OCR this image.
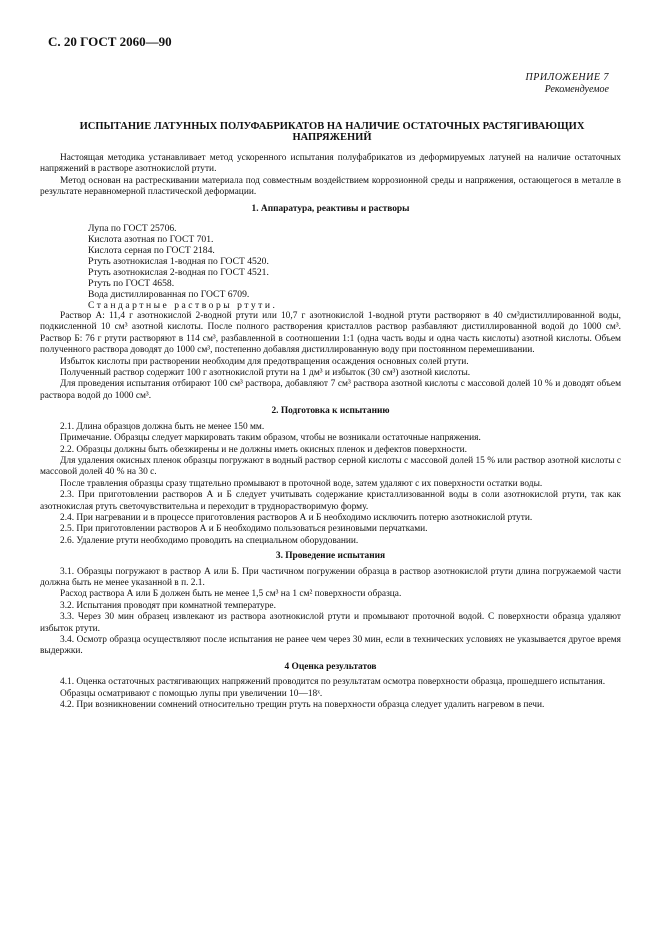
С. 20 ГОСТ 2060—90
ПРИЛОЖЕНИЕ 7
Рекомендуемое
ИСПЫТАНИЕ ЛАТУННЫХ ПОЛУФАБРИКАТОВ НА НАЛИЧИЕ ОСТАТОЧНЫХ РАСТЯГИВАЮЩИХ НАПРЯЖЕНИЙ

Настоящая методика устанавливает метод ускоренного испытания полуфабрикатов из деформируемых латуней на наличие остаточных напряжений в растворе азотнокислой ртути.

Метод основан на растрескивании материала под совместным воздействием коррозионной среды и напряжения, остающегося в металле в результате неравномерной пластической деформации.

1. Аппаратура, реактивы и растворы
Лупа по ГОСТ 25706.
Кислота азотная по ГОСТ 701.
Кислота серная по ГОСТ 2184.
Ртуть азотнокислая 1-водная по ГОСТ 4520.
Ртуть азотнокислая 2-водная по ГОСТ 4521.
Ртуть по ГОСТ 4658.
Вода дистиллированная по ГОСТ 6709.
Стандартные растворы ртути.

Раствор А: 11,4 г азотнокислой 2-водной ртути или 10,7 г азотнокислой 1-водной ртути растворяют в 40 см³дистиллированной воды, подкисленной 10 см³ азотной кислоты. После полного растворения кристаллов раствор разбавляют дистиллированной водой до 1000 см³. Раствор Б: 76 г ртути растворяют в 114 см³, разбавленной в соотношении 1:1 (одна часть воды и одна часть кислоты) азотной кислоты. Объем полученного раствора доводят до 1000 см³, постепенно добавляя дистиллированную воду при постоянном перемешивании.

Избыток кислоты при растворении необходим для предотвращения осаждения основных солей ртути.

Полученный раствор содержит 100 г азотнокислой ртути на 1 дм³ и избыток (30 см³) азотной кислоты.

Для проведения испытания отбирают 100 см³ раствора, добавляют 7 см³ раствора азотной кислоты с массовой долей 10 % и доводят объем раствора водой до 1000 см³.

2. Подготовка к испытанию

2.1. Длина образцов должна быть не менее 150 мм.

Примечание. Образцы следует маркировать таким образом, чтобы не возникали остаточные напряжения.

2.2. Образцы должны быть обезжирены и не должны иметь окисных пленок и дефектов поверхности.

Для удаления окисных пленок образцы погружают в водный раствор серной кислоты с массовой долей 15 % или раствор азотной кислоты с массовой долей 40 % на 30 с.

После травления образцы сразу тщательно промывают в проточной воде, затем удаляют с их поверхности остатки воды.

2.3. При приготовлении растворов А и Б следует учитывать содержание кристаллизованной воды в соли азотнокислой ртути, так как азотнокислая ртуть светочувствительна и переходит в труднорастворимую форму.

2.4. При нагревании и в процессе приготовления растворов А и Б необходимо исключить потерю азотнокислой ртути.

2.5. При приготовлении растворов А и Б необходимо пользоваться резиновыми перчатками.

2.6. Удаление ртути необходимо проводить на специальном оборудовании.

3. Проведение испытания

3.1. Образцы погружают в раствор А или Б. При частичном погружении образца в раствор азотнокислой ртути длина погружаемой части должна быть не менее указанной в п. 2.1.

Расход раствора А или Б должен быть не менее 1,5 см³ на 1 см² поверхности образца.

3.2. Испытания проводят при комнатной температуре.

3.3. Через 30 мин образец извлекают из раствора азотнокислой ртути и промывают проточной водой. С поверхности образца удаляют избыток ртути.

3.4. Осмотр образца осуществляют после испытания не ранее чем через 30 мин, если в технических условиях не указывается другое время выдержки.

4 Оценка результатов

4.1. Оценка остаточных растягивающих напряжений проводится по результатам осмотра поверхности образца, прошедшего испытания.

Образцы осматривают с помощью лупы при увеличении 10—18ˣ.

4.2. При возникновении сомнений относительно трещин ртуть на поверхности образца следует удалить нагревом в печи.
